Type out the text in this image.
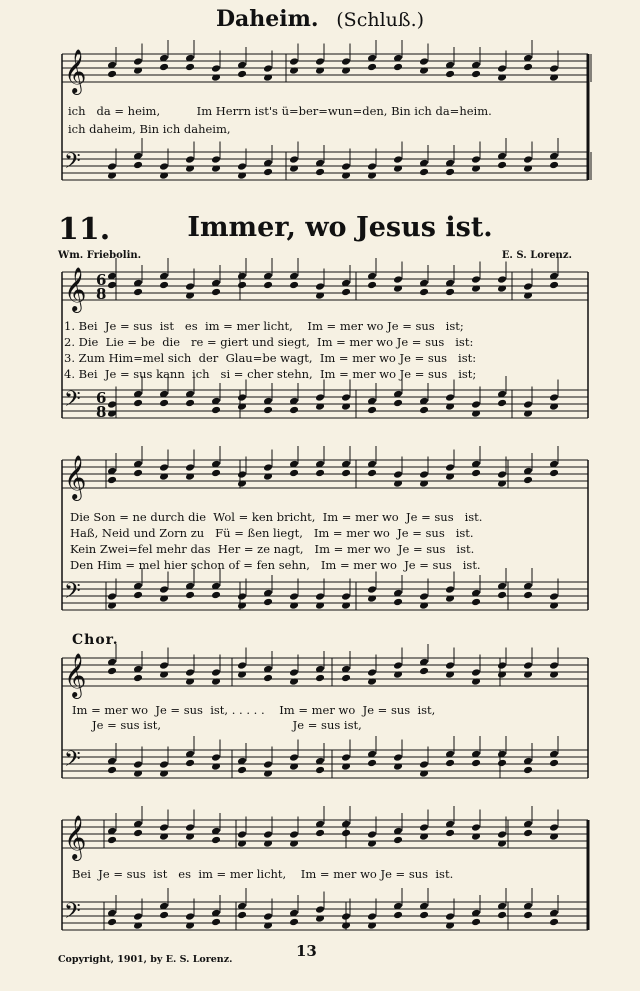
Daheim. (Schluß.)
𝄞
𝄢
𝄞
𝄢
𝄞
𝄢
𝄞
𝄢
𝄞
𝄢
6
8
6
8
ich   da = heim,          Im Herrn ist's ü=ber=wun=den, Bin ich da=heim.
ich daheim, Bin ich daheim,
11.	Immer, wo Jesus ist.
Wm. Friebolin.	E. S. Lorenz.
1. Bei  Je = sus  ist   es  im = mer licht,    Im = mer wo Je = sus   ist;
2. Die  Lie = be  die   re = giert und siegt,  Im = mer wo Je = sus   ist:
3. Zum Him=mel sich  der  Glau=be wagt,  Im = mer wo Je = sus   ist:
4. Bei  Je = sus kann  ich   si = cher stehn,  Im = mer wo Je = sus   ist;
Die Son = ne durch die  Wol = ken bricht,  Im = mer wo  Je = sus   ist.
Haß, Neid und Zorn zu   Fü = ßen liegt,   Im = mer wo  Je = sus   ist.
Kein Zwei=fel mehr das  Her = ze nagt,   Im = mer wo  Je = sus   ist.
Den Him = mel hier schon of = fen sehn,   Im = mer wo  Je = sus   ist.
Chor.
Im = mer wo  Je = sus  ist, . . . . .    Im = mer wo  Je = sus  ist,
Je = sus ist,                                    Je = sus ist,
Bei  Je = sus  ist   es  im = mer licht,    Im = mer wo Je = sus  ist.
Copyright, 1901, by E. S. Lorenz.	13
